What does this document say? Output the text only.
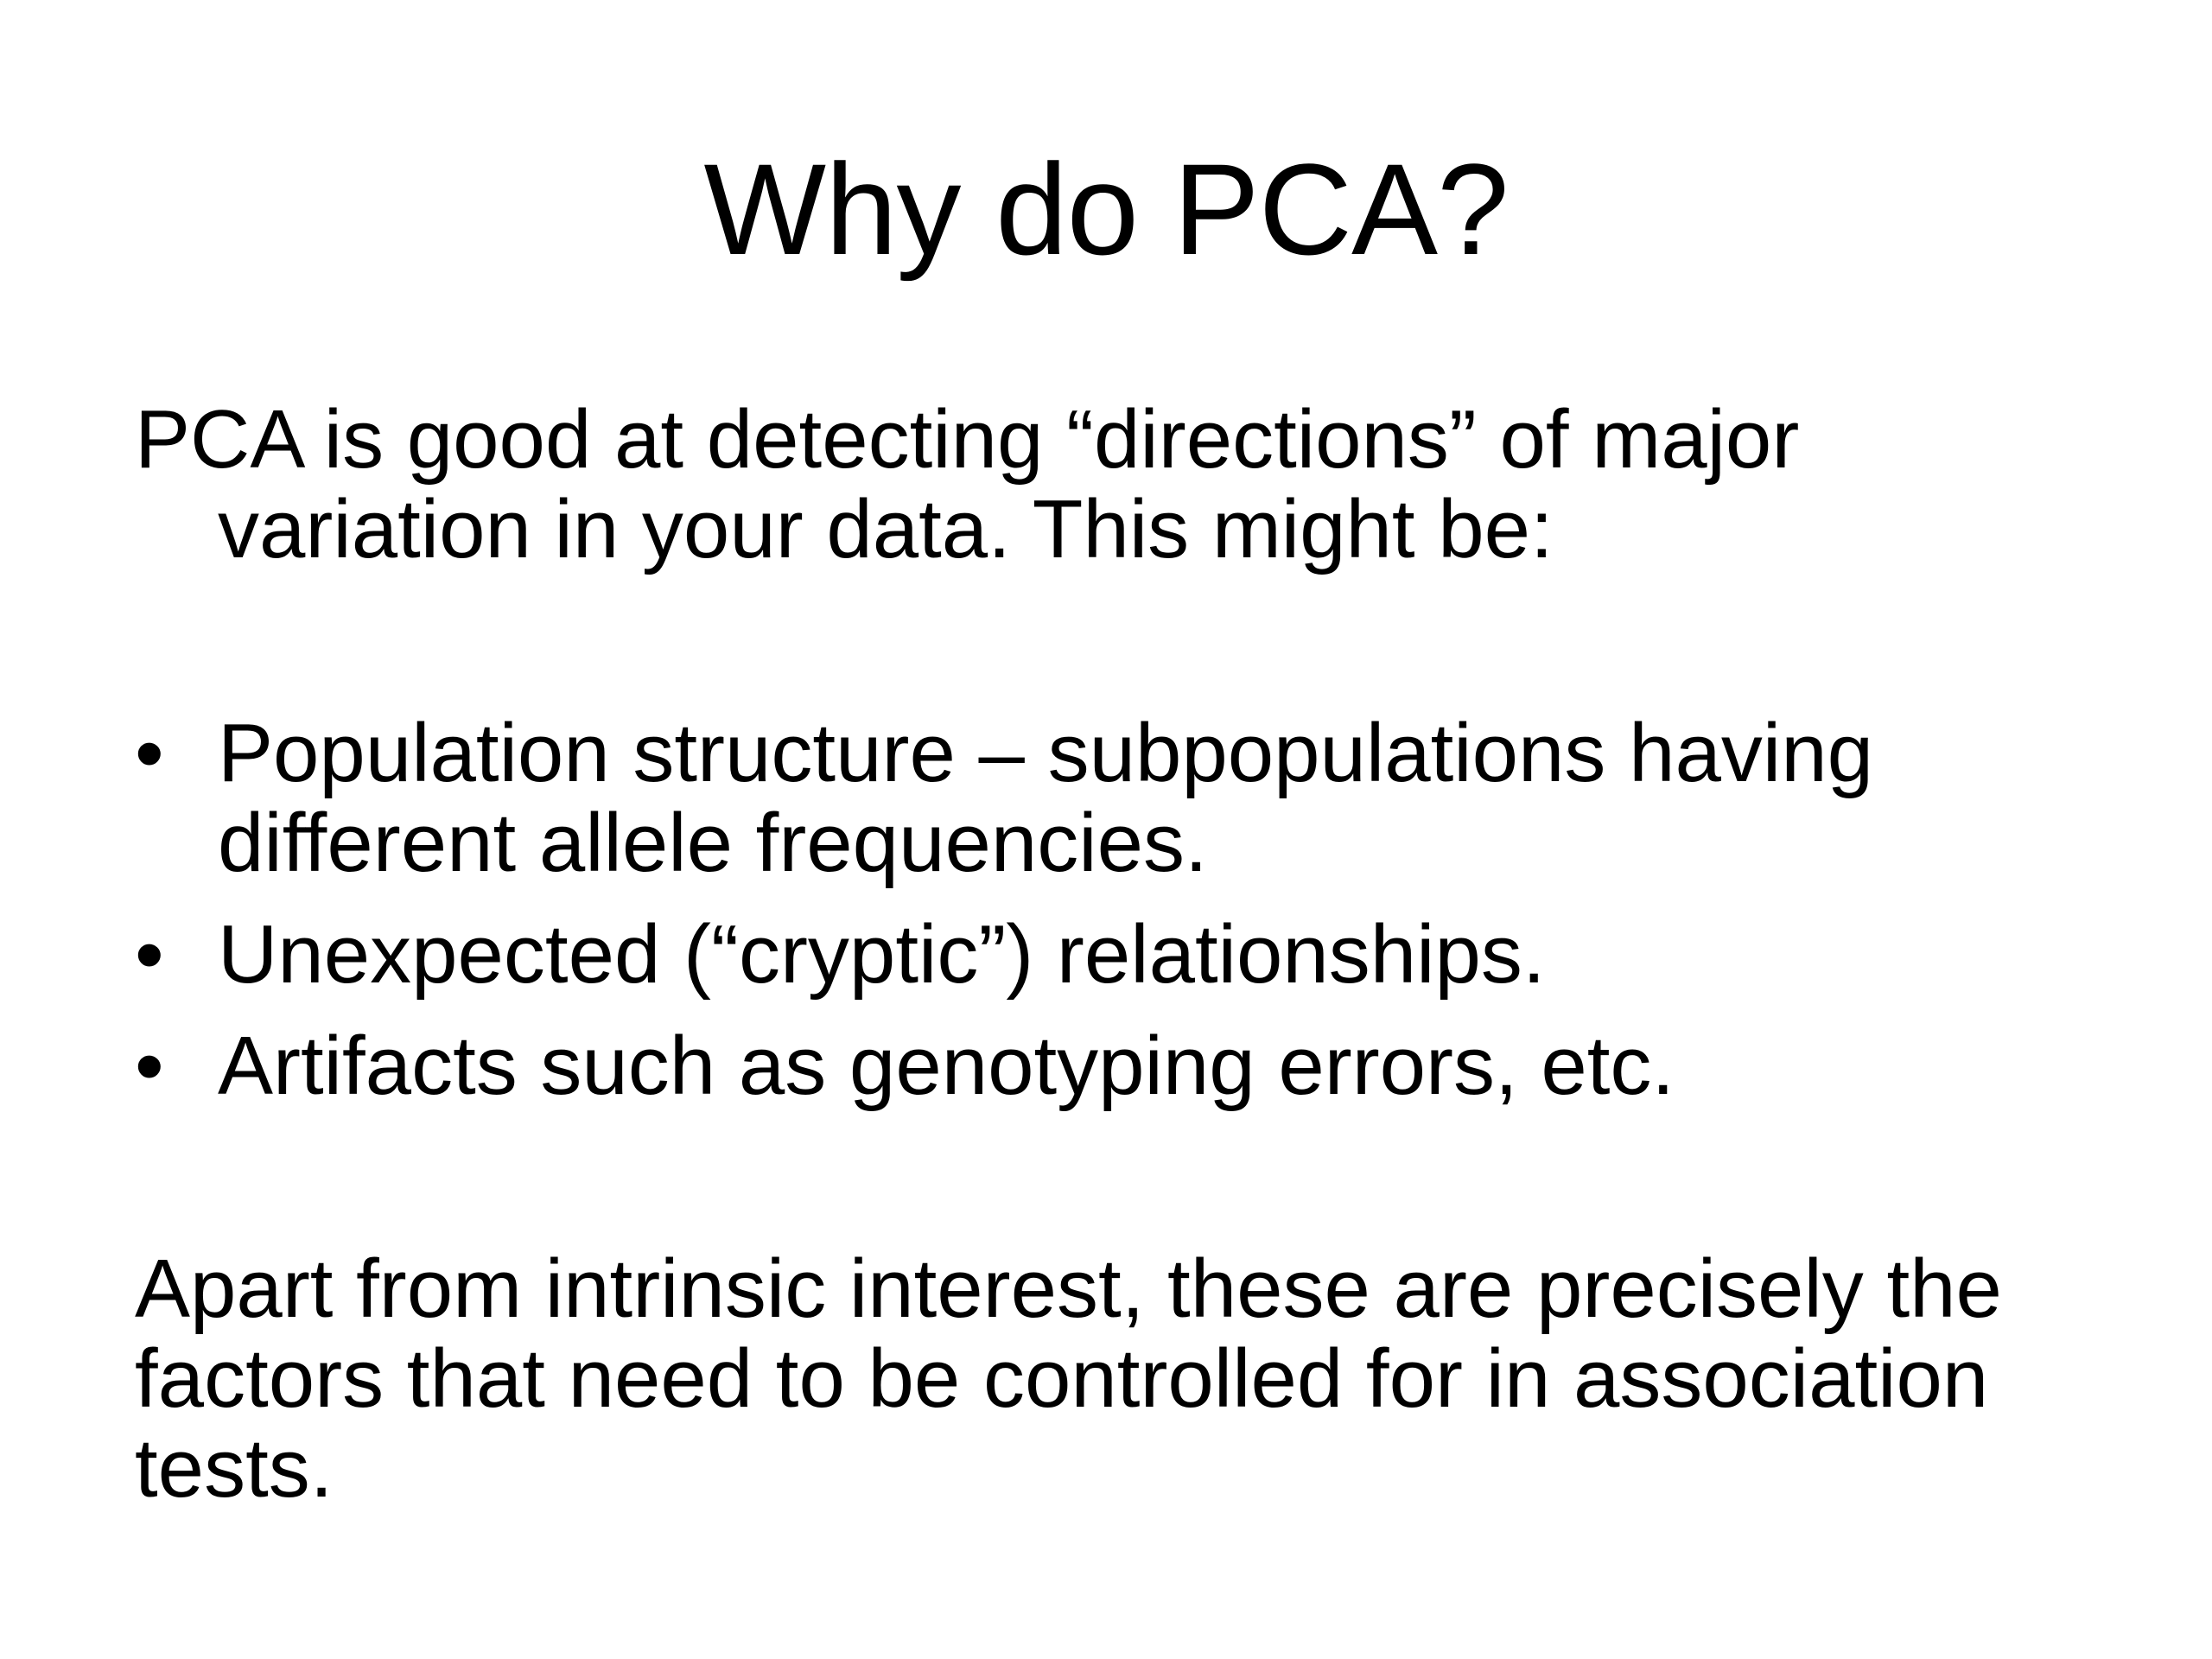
Why do PCA?
PCA is good at detecting “directions” of major
variation in your data. This might be:
• Population structure – subpopulations having
different allele frequencies.
• Unexpected (“cryptic”) relationships.
• Artifacts such as genotyping errors, etc.
Apart from intrinsic interest, these are precisely the
factors that need to be controlled for in association
tests.
